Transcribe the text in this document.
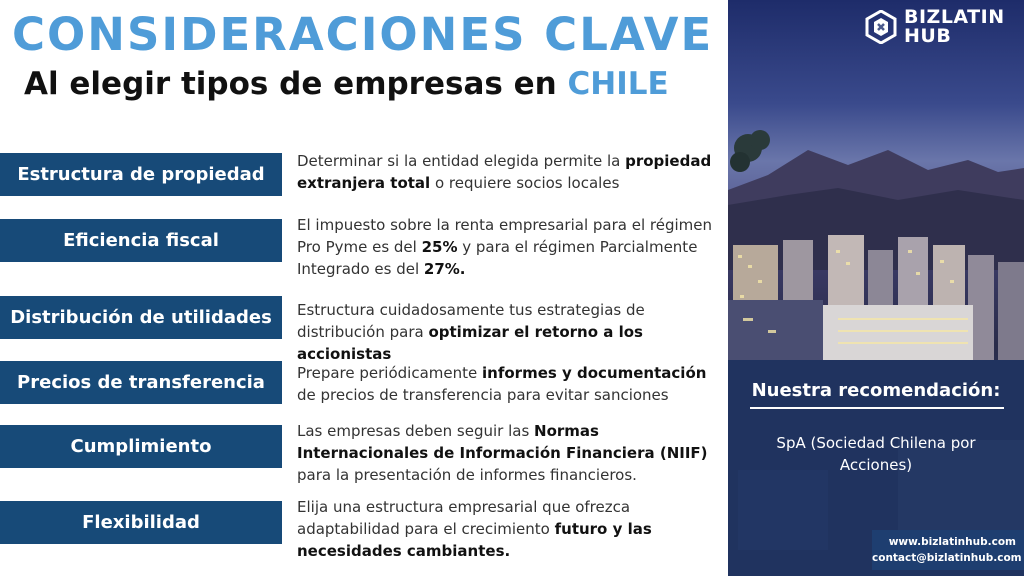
CONSIDERACIONES CLAVE
Al elegir tipos de empresas en CHILE
Estructura de propiedad
Determinar si la entidad elegida permite la propiedad extranjera total o requiere socios locales
Eficiencia fiscal
El impuesto sobre la renta empresarial para el régimen Pro Pyme es del 25% y para el régimen Parcialmente Integrado es del 27%.
Distribución de utilidades	Estructura cuidadosamente tus estrategias de distribución para optimizar el retorno a los accionistas
Precios de transferencia	Prepare periódicamente informes y documentación de precios de transferencia para evitar sanciones
Cumplimiento
Las empresas deben seguir las Normas Internacionales de Información Financiera (NIIF) para la presentación de informes financieros.
Flexibilidad
Elija una estructura empresarial que ofrezca adaptabilidad para el crecimiento futuro y las necesidades cambiantes.
BIZLATIN
HUB
Nuestra recomendación:
SpA (Sociedad Chilena por Acciones)
www.bizlatinhub.com
contact@bizlatinhub.com
